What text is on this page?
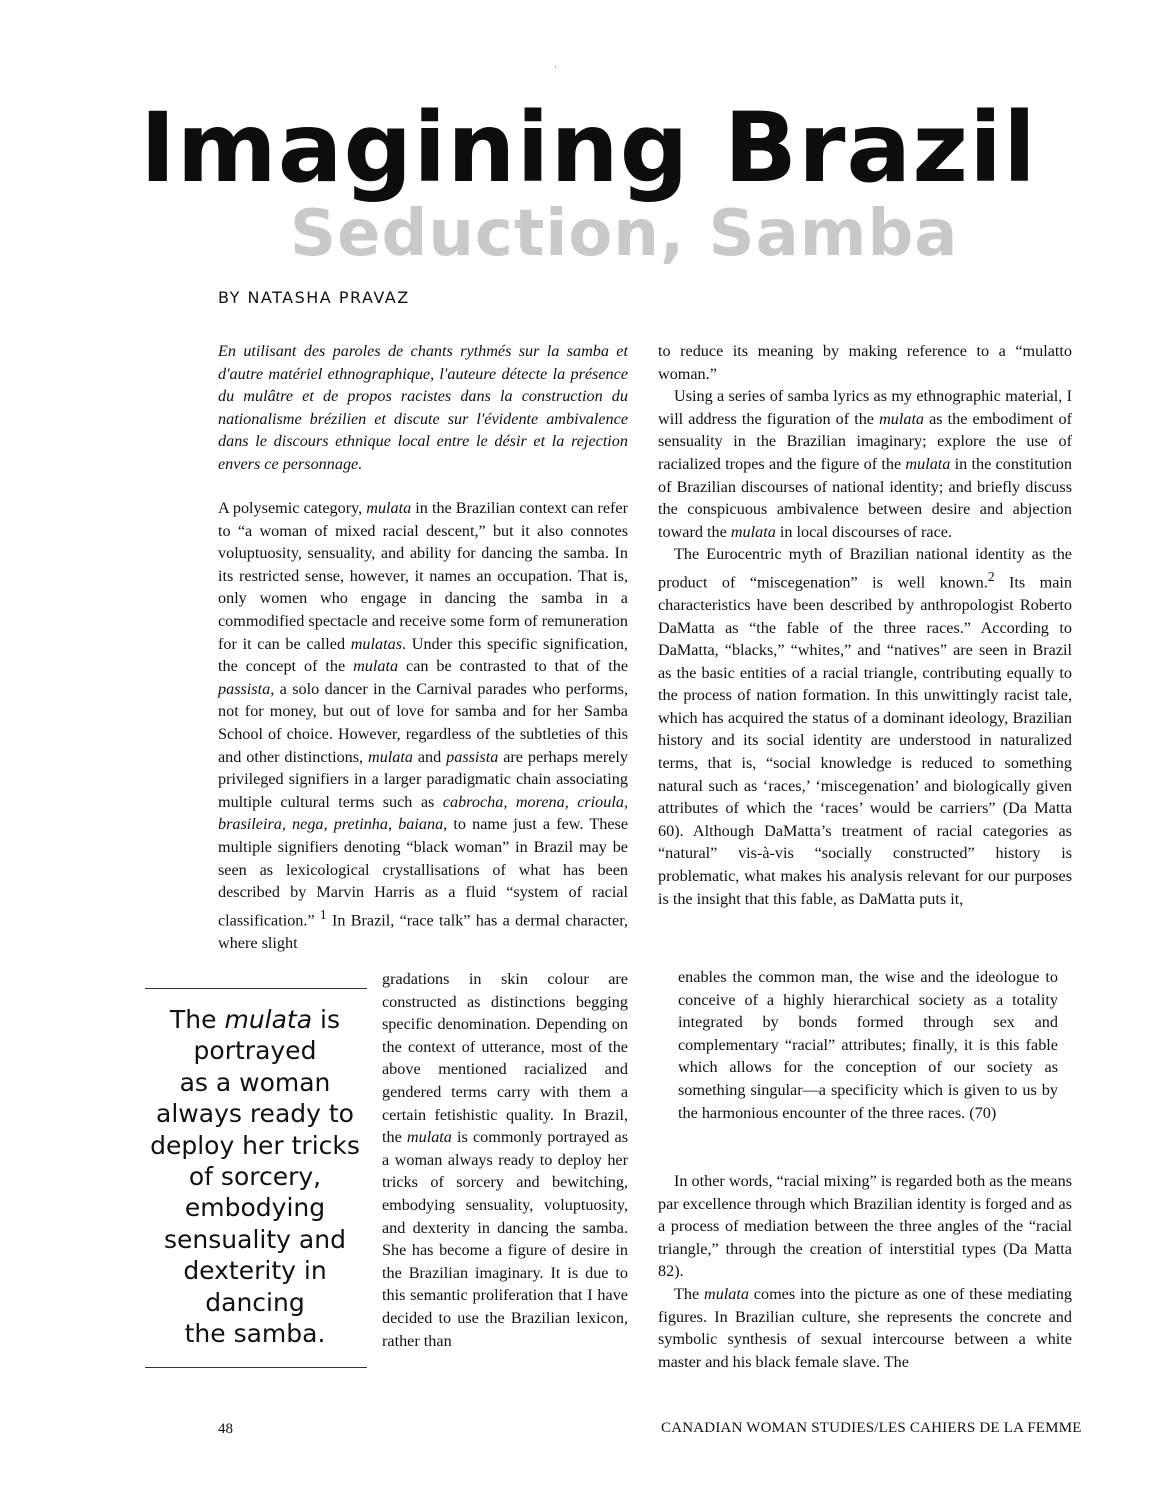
Imagining Brazil
Seduction, Samba
BY NATASHA PRAVAZ
En utilisant des paroles de chants rythmés sur la samba et d'autre matériel ethnographique, l'auteure détecte la présence du mulâtre et de propos racistes dans la construction du nationalisme brézilien et discute sur l'évidente ambivalence dans le discours ethnique local entre le désir et la rejection envers ce personnage.

A polysemic category, mulata in the Brazilian context can refer to “a woman of mixed racial descent,” but it also connotes voluptuosity, sensuality, and ability for dancing the samba. In its restricted sense, however, it names an occupation. That is, only women who engage in dancing the samba in a commodified spectacle and receive some form of remuneration for it can be called mulatas. Under this specific signification, the concept of the mulata can be contrasted to that of the passista, a solo dancer in the Carnival parades who performs, not for money, but out of love for samba and for her Samba School of choice. However, regardless of the subtleties of this and other distinctions, mulata and passista are perhaps merely privileged signifiers in a larger paradigmatic chain associating multiple cultural terms such as cabrocha, morena, crioula, brasileira, nega, pretinha, baiana, to name just a few. These multiple signifiers denoting “black woman” in Brazil may be seen as lexicological crystallisations of what has been described by Marvin Harris as a fluid “system of racial classification.” $^1$ In Brazil, “race talk” has a dermal character, where slight

gradations in skin colour are constructed as distinctions begging specific denomination. Depending on the context of utterance, most of the above mentioned racialized and gendered terms carry with them a certain fetishistic quality. In Brazil, the mulata is commonly portrayed as a woman always ready to deploy her tricks of sorcery and bewitching, embodying sensuality, voluptuosity, and dexterity in dancing the samba. She has become a figure of desire in the Brazilian imaginary. It is due to this semantic proliferation that I have decided to use the Brazilian lexicon, rather than

The mulata is
portrayed
as a woman
always ready to
deploy her tricks
of sorcery,
embodying
sensuality and
dexterity in
dancing
the samba.

to reduce its meaning by making reference to a “mulatto woman.”

Using a series of samba lyrics as my ethnographic material, I will address the figuration of the mulata as the embodiment of sensuality in the Brazilian imaginary; explore the use of racialized tropes and the figure of the mulata in the constitution of Brazilian discourses of national identity; and briefly discuss the conspicuous ambivalence between desire and abjection toward the mulata in local discourses of race.

The Eurocentric myth of Brazilian national identity as the product of “miscegenation” is well known.$^2$ Its main characteristics have been described by anthropologist Roberto DaMatta as “the fable of the three races.” According to DaMatta, “blacks,” “whites,” and “natives” are seen in Brazil as the basic entities of a racial triangle, contributing equally to the process of nation formation. In this unwittingly racist tale, which has acquired the status of a dominant ideology, Brazilian history and its social identity are understood in naturalized terms, that is, “social knowledge is reduced to something natural such as ‘races,’ ‘miscegenation’ and biologically given attributes of which the ‘races’ would be carriers” (Da Matta 60). Although DaMatta’s treatment of racial categories as “natural” vis-à-vis “socially constructed” history is problematic, what makes his analysis relevant for our purposes is the insight that this fable, as DaMatta puts it,

enables the common man, the wise and the ideologue to conceive of a highly hierarchical society as a totality integrated by bonds formed through sex and complementary “racial” attributes; finally, it is this fable which allows for the conception of our society as something singular—a specificity which is given to us by the harmonious encounter of the three races. (70)

In other words, “racial mixing” is regarded both as the means par excellence through which Brazilian identity is forged and as a process of mediation between the three angles of the “racial triangle,” through the creation of interstitial types (Da Matta 82).

The mulata comes into the picture as one of these mediating figures. In Brazilian culture, she represents the concrete and symbolic synthesis of sexual intercourse between a white master and his black female slave. The

48	CANADIAN WOMAN STUDIES/LES CAHIERS DE LA FEMME
